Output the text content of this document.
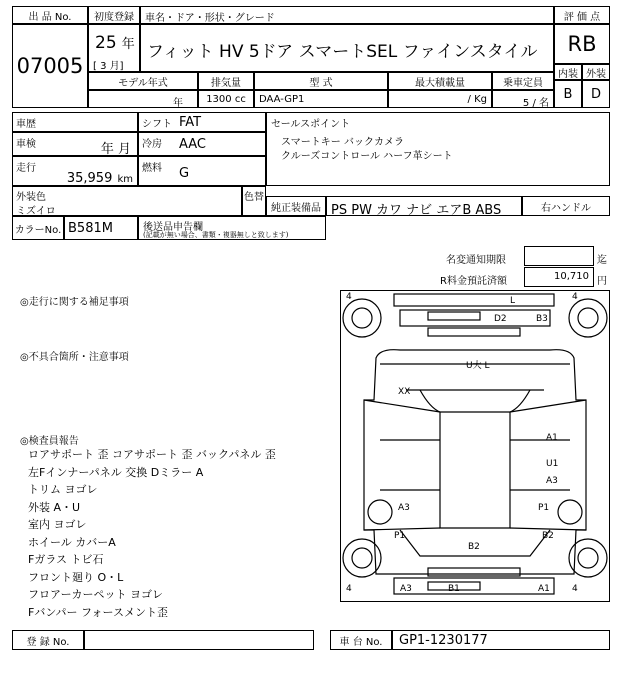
出 品 No.
07005
初度登録	車名・ドア・形状・グレード
25 年
[ 3 月]
フィット HV 5ドア スマートSEL ファインスタイル
評 価 点
RB
内装 外装
B	D
モデル年式	排気量	型 式	最大積載量	乗車定員
年	1300 cc	DAA-GP1	/ Kg	5 / 名
車歴
車検	年 月
走行
35,959 km
シフト FAT
冷房 AAC
燃料 G
セールスポイント
スマートキー バックカメラ
クルーズコントロール ハーフ革シート
外装色
ミズイロ
色替
純正装備品 PS PW カワ ナビ エアB ABS	右ハンドル
カラーNo. B581M	後送品申告欄
(記載が無い場合、書類・複器無しと致します)
名変通知期限	迄
R料金預託済額	10,710 円
◎走行に関する補足事項
◎不具合箇所・注意事項
◎検査員報告
ロアサポート 歪 コアサポート 歪 バックパネル 歪
左Fインナーパネル 交換 Dミラー A
トリム ヨゴレ
外装 A・U
室内 ヨゴレ
ホイール カバーA
Fガラス トビ石
フロント廻り O・L
フロアーカーペット ヨゴレ
Fバンパー フォースメント歪
4	4
4	4
L
D2	B3
U大 L
XX
A1
U1
A3
A3	P1
P1	B2
B2
A3	B1	A1
登 録 No.	車 台 No.	GP1-1230177
